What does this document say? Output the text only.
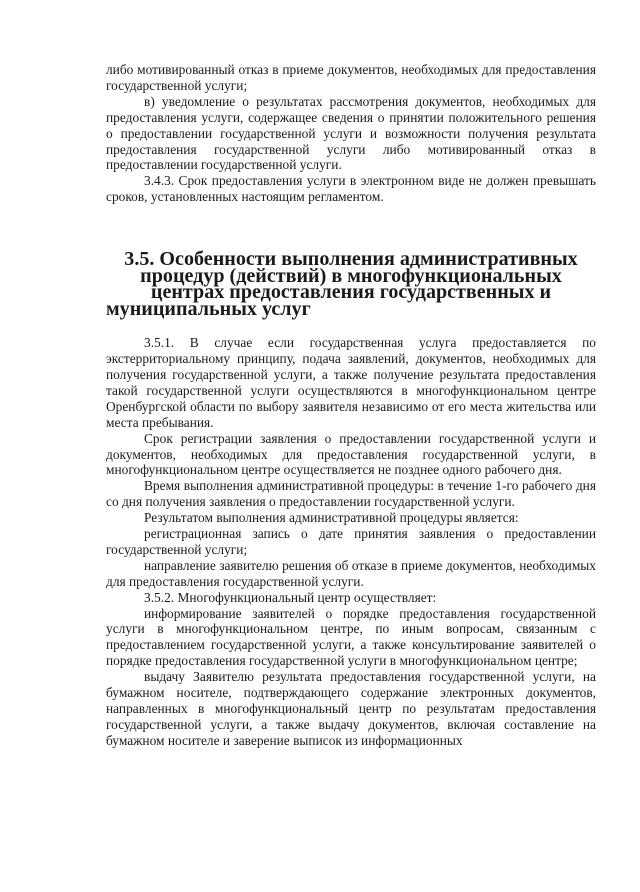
либо мотивированный отказ в приеме документов, необходимых для предоставления государственной услуги;

в) уведомление о результатах рассмотрения документов, необходимых для предоставления услуги, содержащее сведения о принятии положительного решения о предоставлении государственной услуги и возможности получения результата предоставления государственной услуги либо мотивированный отказ в предоставлении государственной услуги.

3.4.3. Срок предоставления услуги в электронном виде не должен превышать сроков, установленных настоящим регламентом.

3.5. Особенности выполнения административных процедур (действий) в многофункциональных центрах предоставления государственных и муниципальных услуг

3.5.1. В случае если государственная услуга предоставляется по экстерриториальному принципу, подача заявлений, документов, необходимых для получения государственной услуги, а также получение результата предоставления такой государственной услуги осуществляются в многофункциональном центре Оренбургской области по выбору заявителя независимо от его места жительства или места пребывания.

Срок регистрации заявления о предоставлении государственной услуги и документов, необходимых для предоставления государственной услуги, в многофункциональном центре осуществляется не позднее одного рабочего дня.

Время выполнения административной процедуры: в течение 1-го рабочего дня со дня получения заявления о предоставлении государственной услуги.

Результатом выполнения административной процедуры является:

регистрационная запись о дате принятия заявления о предоставлении государственной услуги;

направление заявителю решения об отказе в приеме документов, необходимых для предоставления государственной услуги.

3.5.2. Многофункциональный центр осуществляет:

информирование заявителей о порядке предоставления государственной услуги в многофункциональном центре, по иным вопросам, связанным с предоставлением государственной услуги, а также консультирование заявителей о порядке предоставления государственной услуги в многофункциональном центре;

выдачу Заявителю результата предоставления государственной услуги, на бумажном носителе, подтверждающего содержание электронных документов, направленных в многофункциональный центр по результатам предоставления государственной услуги, а также выдачу документов, включая составление на бумажном носителе и заверение выписок из информационных
